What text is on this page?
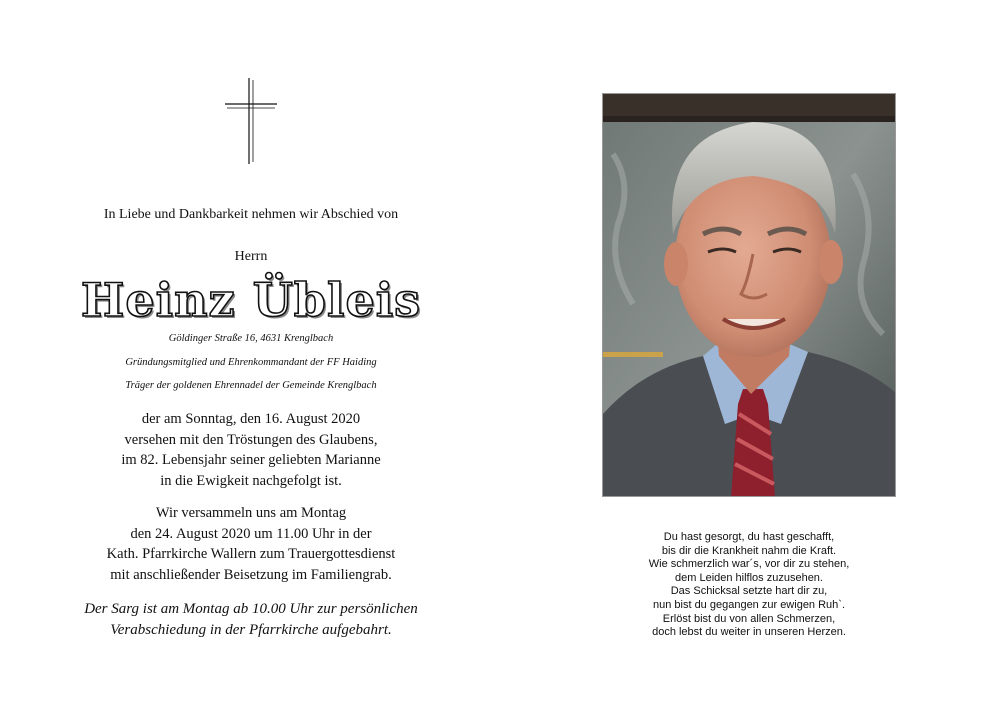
In Liebe und Dankbarkeit nehmen wir Abschied von
Herrn
Heinz Übleis
Göldinger Straße 16, 4631 Krenglbach
Gründungsmitglied und Ehrenkommandant der FF Haiding
Träger der goldenen Ehrennadel der Gemeinde Krenglbach
der am Sonntag, den 16. August 2020
versehen mit den Tröstungen des Glaubens,
im 82. Lebensjahr seiner geliebten Marianne
in die Ewigkeit nachgefolgt ist.
Wir versammeln uns am Montag
den 24. August 2020 um 11.00 Uhr in der
Kath. Pfarrkirche Wallern zum Trauergottesdienst
mit anschließender Beisetzung im Familiengrab.
Der Sarg ist am Montag ab 10.00 Uhr zur persönlichen
Verabschiedung in der Pfarrkirche aufgebahrt.
Du hast gesorgt, du hast geschafft,
bis dir die Krankheit nahm die Kraft.
Wie schmerzlich war´s, vor dir zu stehen,
dem Leiden hilflos zuzusehen.
Das Schicksal setzte hart dir zu,
nun bist du gegangen zur ewigen Ruh`.
Erlöst bist du von allen Schmerzen,
doch lebst du weiter in unseren Herzen.
